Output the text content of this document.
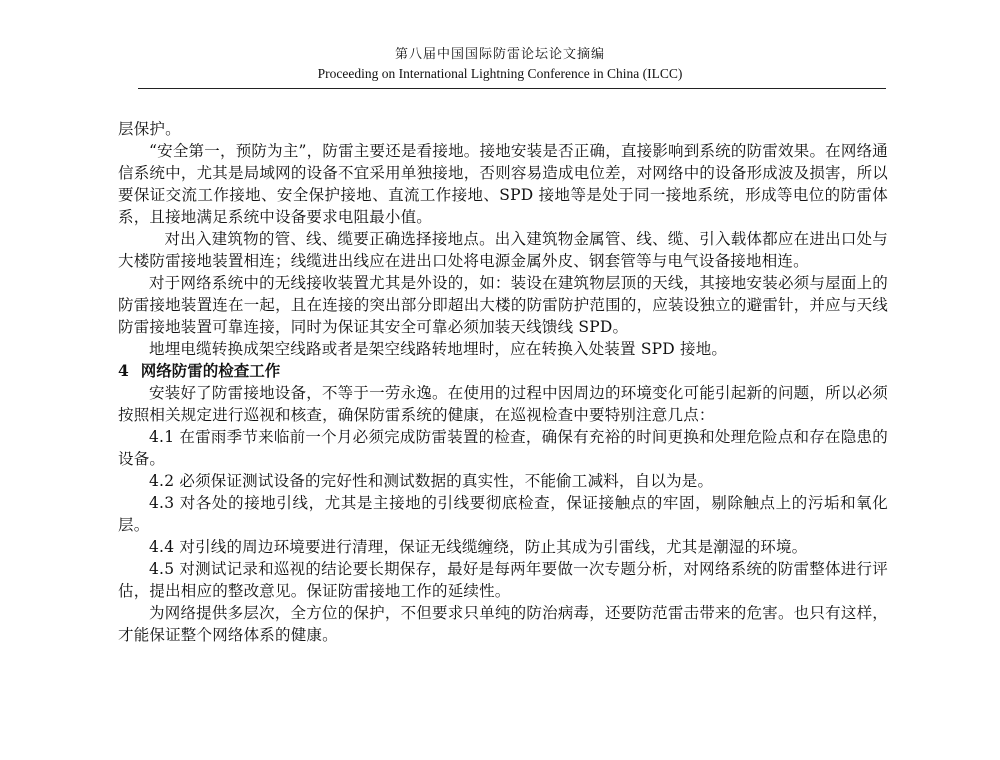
第八届中国国际防雷论坛论文摘编
Proceeding on International Lightning Conference in China (ILCC)

层保护。

“安全第一，预防为主”，防雷主要还是看接地。接地安装是否正确，直接影响到系统的防雷效果。在网络通信系统中，尤其是局域网的设备不宜采用单独接地，否则容易造成电位差，对网络中的设备形成波及损害，所以要保证交流工作接地、安全保护接地、直流工作接地、SPD 接地等是处于同一接地系统，形成等电位的防雷体系，且接地满足系统中设备要求电阻最小值。

对出入建筑物的管、线、缆要正确选择接地点。出入建筑物金属管、线、缆、引入载体都应在进出口处与大楼防雷接地装置相连；线缆进出线应在进出口处将电源金属外皮、钢套管等与电气设备接地相连。

对于网络系统中的无线接收装置尤其是外设的，如：装设在建筑物层顶的天线，其接地安装必须与屋面上的防雷接地装置连在一起，且在连接的突出部分即超出大楼的防雷防护范围的，应装设独立的避雷针，并应与天线防雷接地装置可靠连接，同时为保证其安全可靠必须加装天线馈线 SPD。

地埋电缆转换成架空线路或者是架空线路转地埋时，应在转换入处装置 SPD 接地。

4 网络防雷的检查工作

安装好了防雷接地设备，不等于一劳永逸。在使用的过程中因周边的环境变化可能引起新的问题，所以必须按照相关规定进行巡视和核查，确保防雷系统的健康，在巡视检查中要特别注意几点：

4.1 在雷雨季节来临前一个月必须完成防雷装置的检查，确保有充裕的时间更换和处理危险点和存在隐患的设备。

4.2 必须保证测试设备的完好性和测试数据的真实性，不能偷工减料，自以为是。

4.3 对各处的接地引线，尤其是主接地的引线要彻底检查，保证接触点的牢固，剔除触点上的污垢和氧化层。

4.4 对引线的周边环境要进行清理，保证无线缆缠绕，防止其成为引雷线，尤其是潮湿的环境。

4.5 对测试记录和巡视的结论要长期保存，最好是每两年要做一次专题分析，对网络系统的防雷整体进行评估，提出相应的整改意见。保证防雷接地工作的延续性。

为网络提供多层次，全方位的保护，不但要求只单纯的防治病毒，还要防范雷击带来的危害。也只有这样，才能保证整个网络体系的健康。
